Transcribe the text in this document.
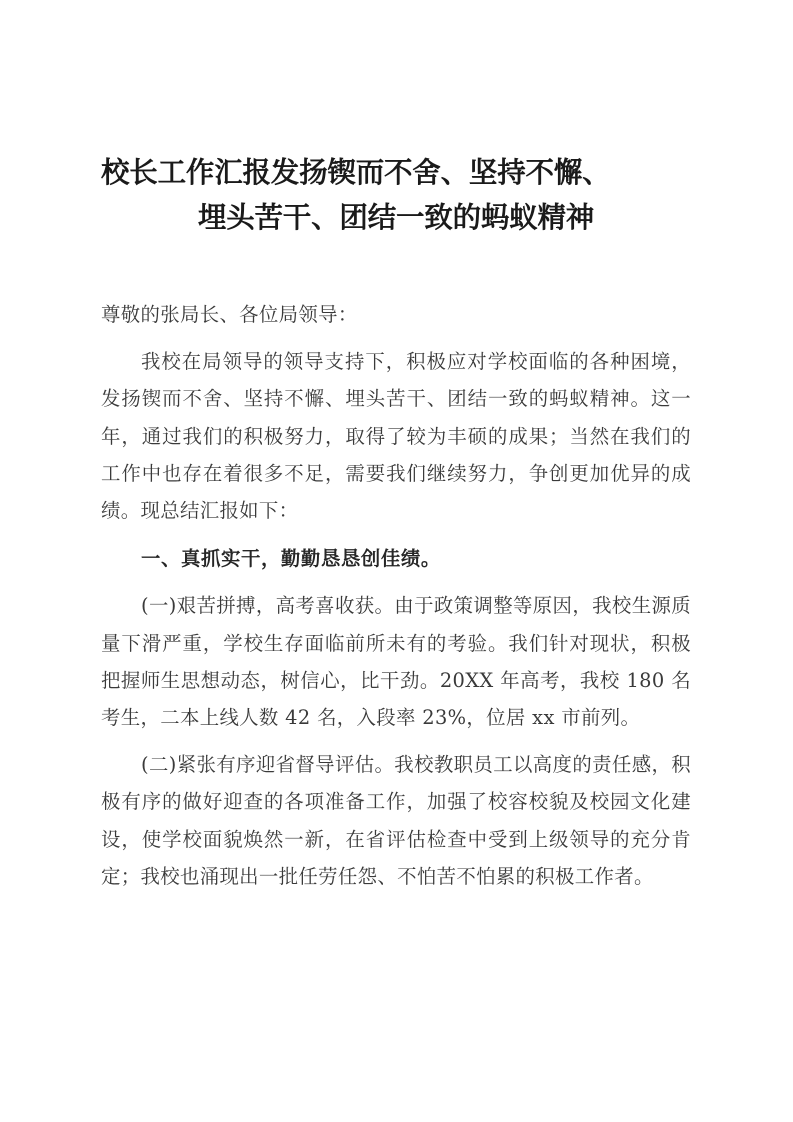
校长工作汇报发扬锲而不舍、坚持不懈、
埋头苦干、团结一致的蚂蚁精神

尊敬的张局长、各位局领导：

我校在局领导的领导支持下，积极应对学校面临的各种困境，发扬锲而不舍、坚持不懈、埋头苦干、团结一致的蚂蚁精神。这一年，通过我们的积极努力，取得了较为丰硕的成果；当然在我们的工作中也存在着很多不足，需要我们继续努力，争创更加优异的成绩。现总结汇报如下：

一、真抓实干，勤勤恳恳创佳绩。

(一)艰苦拼搏，高考喜收获。由于政策调整等原因，我校生源质量下滑严重，学校生存面临前所未有的考验。我们针对现状，积极把握师生思想动态，树信心，比干劲。20XX 年高考，我校 180 名考生，二本上线人数 42 名，入段率 23%，位居 xx 市前列。

(二)紧张有序迎省督导评估。我校教职员工以高度的责任感，积极有序的做好迎查的各项准备工作，加强了校容校貌及校园文化建设，使学校面貌焕然一新，在省评估检查中受到上级领导的充分肯定；我校也涌现出一批任劳任怨、不怕苦不怕累的积极工作者。
